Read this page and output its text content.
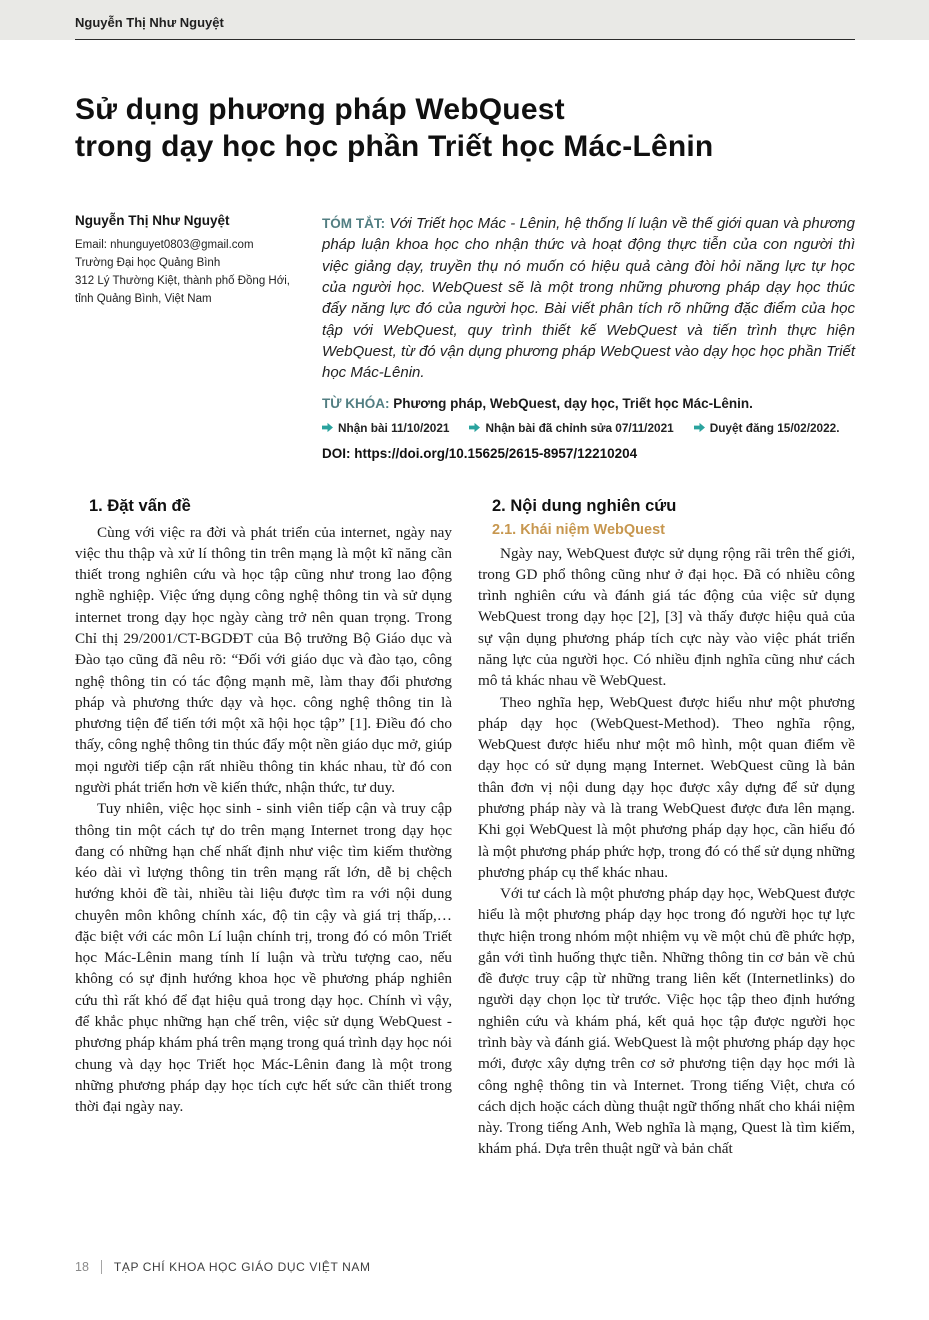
Nguyễn Thị Như Nguyệt
Sử dụng phương pháp WebQuest
trong dạy học học phần Triết học Mác-Lênin
Nguyễn Thị Như Nguyệt
Email: nhunguyet0803@gmail.com
Trường Đại học Quảng Bình
312 Lý Thường Kiệt, thành phố Đồng Hới,
tỉnh Quảng Bình, Việt Nam

TÓM TẮT: Với Triết học Mác - Lênin, hệ thống lí luận về thế giới quan và phương pháp luận khoa học cho nhận thức và hoạt động thực tiễn của con người thì việc giảng dạy, truyền thụ nó muốn có hiệu quả càng đòi hỏi năng lực tự học của người học. WebQuest sẽ là một trong những phương pháp dạy học thúc đẩy năng lực đó của người học. Bài viết phân tích rõ những đặc điểm của học tập với WebQuest, quy trình thiết kế WebQuest và tiến trình thực hiện WebQuest, từ đó vận dụng phương pháp WebQuest vào dạy học học phần Triết học Mác-Lênin.

TỪ KHÓA: Phương pháp, WebQuest, dạy học, Triết học Mác-Lênin.

Nhận bài 11/10/2021	Nhận bài đã chỉnh sửa 07/11/2021	Duyệt đăng 15/02/2022.

DOI: https://doi.org/10.15625/2615-8957/12210204

1. Đặt vấn đề

Cùng với việc ra đời và phát triển của internet, ngày nay việc thu thập và xử lí thông tin trên mạng là một kĩ năng cần thiết trong nghiên cứu và học tập cũng như trong lao động nghề nghiệp. Việc ứng dụng công nghệ thông tin và sử dụng internet trong dạy học ngày càng trở nên quan trọng. Trong Chỉ thị 29/2001/CT-BGDĐT của Bộ trưởng Bộ Giáo dục và Đào tạo cũng đã nêu rõ: “Đối với giáo dục và đào tạo, công nghệ thông tin có tác động mạnh mẽ, làm thay đổi phương pháp và phương thức dạy và học. công nghệ thông tin là phương tiện để tiến tới một xã hội học tập” [1]. Điều đó cho thấy, công nghệ thông tin thúc đẩy một nền giáo dục mở, giúp mọi người tiếp cận rất nhiều thông tin khác nhau, từ đó con người phát triển hơn về kiến thức, nhận thức, tư duy.

Tuy nhiên, việc học sinh - sinh viên tiếp cận và truy cập thông tin một cách tự do trên mạng Internet trong dạy học đang có những hạn chế nhất định như việc tìm kiếm thường kéo dài vì lượng thông tin trên mạng rất lớn, dễ bị chệch hướng khỏi đề tài, nhiều tài liệu được tìm ra với nội dung chuyên môn không chính xác, độ tin cậy và giá trị thấp,… đặc biệt với các môn Lí luận chính trị, trong đó có môn Triết học Mác-Lênin mang tính lí luận và trừu tượng cao, nếu không có sự định hướng khoa học về phương pháp nghiên cứu thì rất khó để đạt hiệu quả trong dạy học. Chính vì vậy, để khắc phục những hạn chế trên, việc sử dụng WebQuest - phương pháp khám phá trên mạng trong quá trình dạy học nói chung và dạy học Triết học Mác-Lênin đang là một trong những phương pháp dạy học tích cực hết sức cần thiết trong thời đại ngày nay.

2. Nội dung nghiên cứu
2.1. Khái niệm WebQuest

Ngày nay, WebQuest được sử dụng rộng rãi trên thế giới, trong GD phổ thông cũng như ở đại học. Đã có nhiều công trình nghiên cứu và đánh giá tác động của việc sử dụng WebQuest trong dạy học [2], [3] và thấy được hiệu quả của sự vận dụng phương pháp tích cực này vào việc phát triển năng lực của người học. Có nhiều định nghĩa cũng như cách mô tả khác nhau về WebQuest.

Theo nghĩa hẹp, WebQuest được hiểu như một phương pháp dạy học (WebQuest-Method). Theo nghĩa rộng, WebQuest được hiểu như một mô hình, một quan điểm về dạy học có sử dụng mạng Internet. WebQuest cũng là bản thân đơn vị nội dung dạy học được xây dựng để sử dụng phương pháp này và là trang WebQuest được đưa lên mạng. Khi gọi WebQuest là một phương pháp dạy học, cần hiểu đó là một phương pháp phức hợp, trong đó có thể sử dụng những phương pháp cụ thể khác nhau.

Với tư cách là một phương pháp dạy học, WebQuest được hiểu là một phương pháp dạy học trong đó người học tự lực thực hiện trong nhóm một nhiệm vụ về một chủ đề phức hợp, gắn với tình huống thực tiễn. Những thông tin cơ bản về chủ đề được truy cập từ những trang liên kết (Internetlinks) do người dạy chọn lọc từ trước. Việc học tập theo định hướng nghiên cứu và khám phá, kết quả học tập được người học trình bày và đánh giá. WebQuest là một phương pháp dạy học mới, được xây dựng trên cơ sở phương tiện dạy học mới là công nghệ thông tin và Internet. Trong tiếng Việt, chưa có cách dịch hoặc cách dùng thuật ngữ thống nhất cho khái niệm này. Trong tiếng Anh, Web nghĩa là mạng, Quest là tìm kiếm, khám phá. Dựa trên thuật ngữ và bản chất

18 TẠP CHÍ KHOA HỌC GIÁO DỤC VIỆT NAM
